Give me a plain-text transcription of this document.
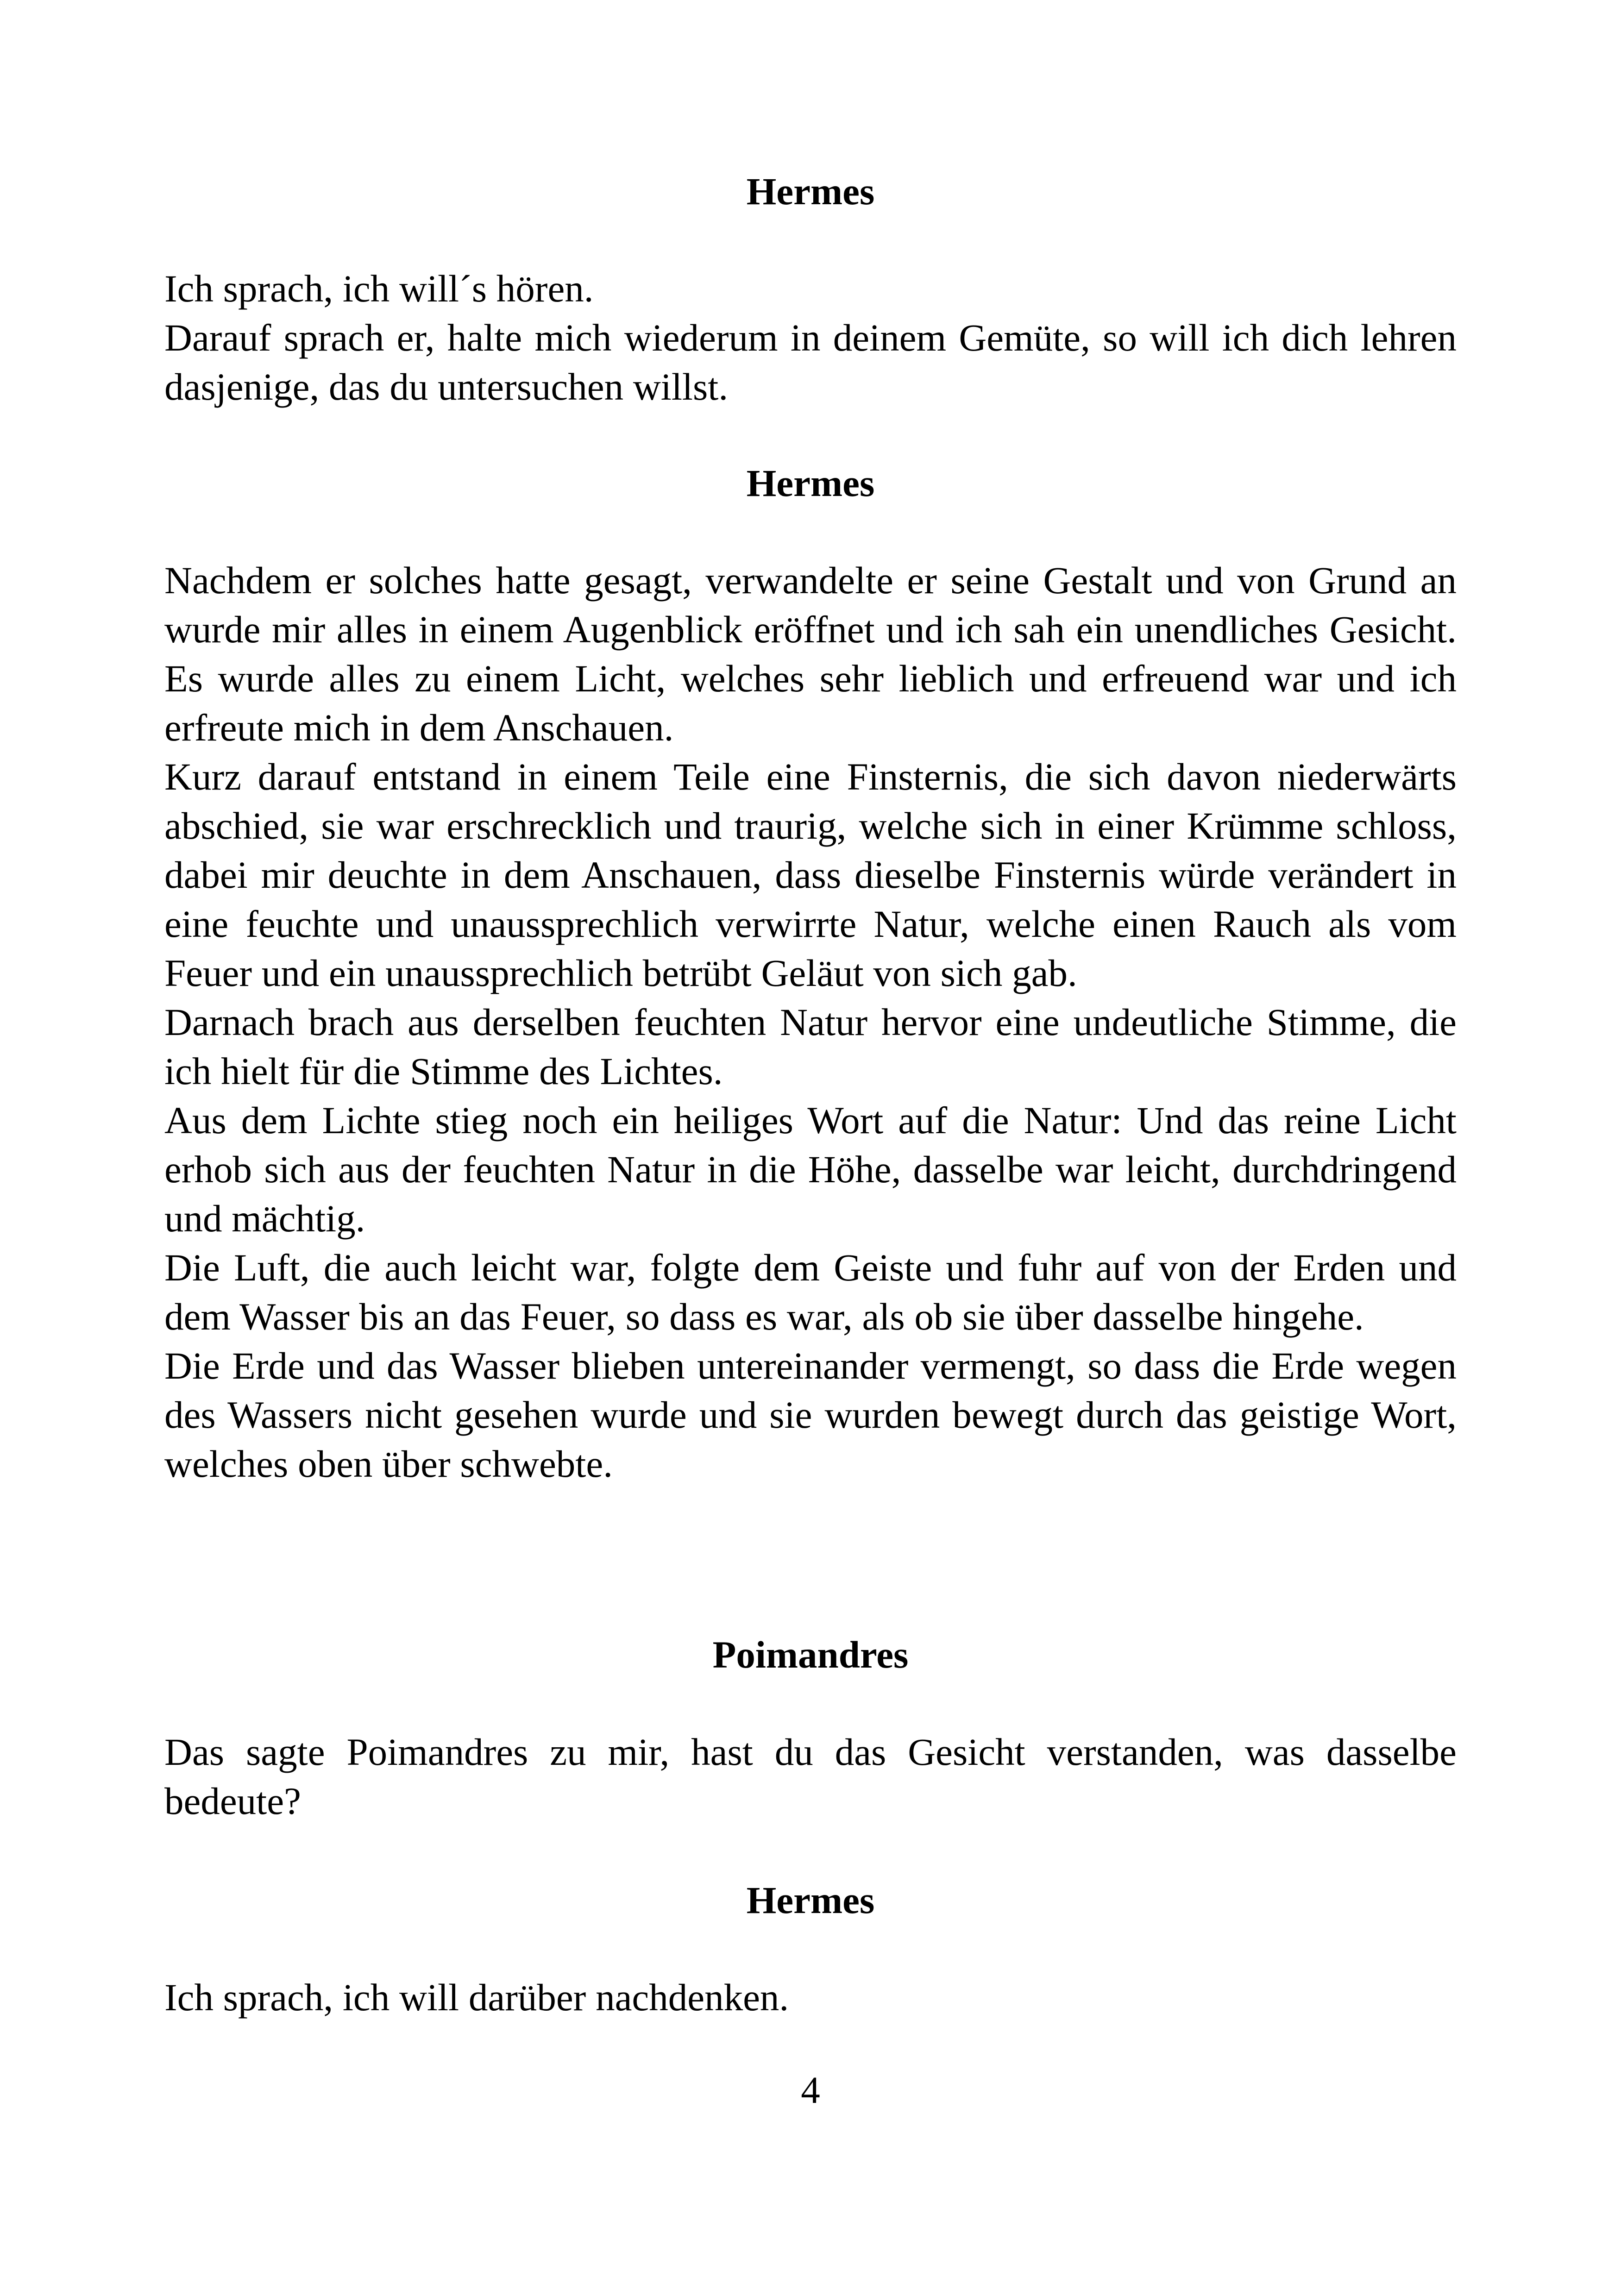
Hermes

Ich sprach, ich will´s hören.

Darauf sprach er, halte mich wiederum in deinem Gemüte, so will ich dich lehren dasjenige, das du untersuchen willst.

Hermes

Nachdem er solches hatte gesagt, verwandelte er seine Gestalt und von Grund an wurde mir alles in einem Augenblick eröffnet und ich sah ein unendliches Gesicht. Es wurde alles zu einem Licht, welches sehr lieblich und erfreuend war und ich erfreute mich in dem Anschauen.

Kurz darauf entstand in einem Teile eine Finsternis, die sich davon niederwärts abschied, sie war erschrecklich und traurig, welche sich in einer Krümme schloss, dabei mir deuchte in dem Anschauen, dass dieselbe Finsternis würde verändert in eine feuchte und unaussprechlich verwirrte Natur, welche einen Rauch als vom Feuer und ein unaussprechlich betrübt Geläut von sich gab.

Darnach brach aus derselben feuchten Natur hervor eine undeutliche Stimme, die ich hielt für die Stimme des Lichtes.

Aus dem Lichte stieg noch ein heiliges Wort auf die Natur: Und das reine Licht erhob sich aus der feuchten Natur in die Höhe, dasselbe war leicht, durchdringend und mächtig.

Die Luft, die auch leicht war, folgte dem Geiste und fuhr auf von der Erden und dem Wasser bis an das Feuer, so dass es war, als ob sie über dasselbe hingehe.

Die Erde und das Wasser blieben untereinander vermengt, so dass die Erde wegen des Wassers nicht gesehen wurde und sie wurden bewegt durch das geistige Wort, welches oben über schwebte.

Poimandres

Das sagte Poimandres zu mir, hast du das Gesicht verstanden, was dasselbe bedeute?

Hermes

Ich sprach, ich will darüber nachdenken.

4
